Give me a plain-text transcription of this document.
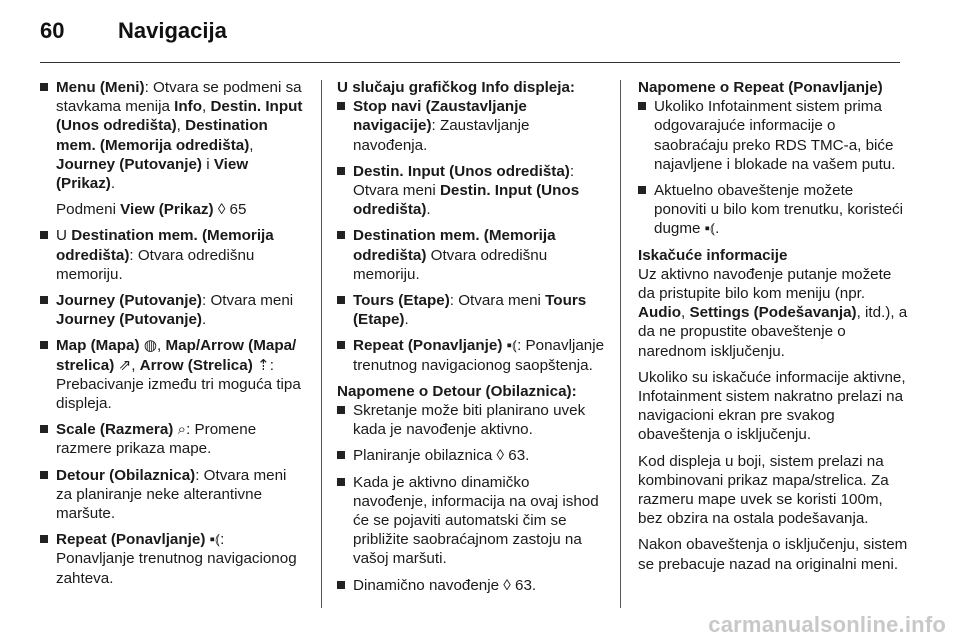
60	Navigacija
Menu (Meni): Otvara se podmeni sa stavkama menija Info, Destin. Input (Unos odredišta), Destination mem. (Memorija odredišta), Journey (Putovanje) i View (Prikaz).
Podmeni View (Prikaz) ◊ 65
U Destination mem. (Memorija odredišta): Otvara odredišnu memoriju.
Journey (Putovanje): Otvara meni Journey (Putovanje).
Map (Mapa) ◍, Map/Arrow (Mapa/ strelica) ⇗, Arrow (Strelica) ⇡: Prebacivanje između tri moguća tipa displeja.
Scale (Razmera) ⌕: Promene razmere prikaza mape.
Detour (Obilaznica): Otvara meni za planiranje neke alterantivne maršute.
Repeat (Ponavljanje) ▪⦅: Ponavljanje trenutnog navigacionog zahteva.
U slučaju grafičkog Info displeja:
Stop navi (Zaustavljanje navigacije): Zaustavljanje navođenja.
Destin. Input (Unos odredišta): Otvara meni Destin. Input (Unos odredišta).
Destination mem. (Memorija odredišta) Otvara odredišnu memoriju.
Tours (Etape): Otvara meni Tours (Etape).
Repeat (Ponavljanje) ▪⦅: Ponavljanje trenutnog navigacionog saopštenja.
Napomene o Detour (Obilaznica):
Skretanje može biti planirano uvek kada je navođenje aktivno.
Planiranje obilaznica ◊ 63.
Kada je aktivno dinamičko navođenje, informacija na ovaj ishod će se pojaviti automatski čim se približite saobraćajnom zastoju na vašoj maršuti.
Dinamično navođenje ◊ 63.
Napomene o Repeat (Ponavljanje)
Ukoliko Infotainment sistem prima odgovarajuće informacije o saobraćaju preko RDS TMC-a, biće najavljene i blokade na vašem putu.
Aktuelno obaveštenje možete ponoviti u bilo kom trenutku, koristeći dugme ▪⦅.
Iskačuće informacije
Uz aktivno navođenje putanje možete da pristupite bilo kom meniju (npr. Audio, Settings (Podešavanja), itd.), a da ne propustite obaveštenje o narednom isključenju.
Ukoliko su iskačuće informacije aktivne, Infotainment sistem nakratno prelazi na navigacioni ekran pre svakog obaveštenja o isključenju.
Kod displeja u boji, sistem prelazi na kombinovani prikaz mapa/strelica. Za razmeru mape uvek se koristi 100m, bez obzira na ostala podešavanja.
Nakon obaveštenja o isključenju, sistem se prebacuje nazad na originalni meni.
carmanualsonline.info
